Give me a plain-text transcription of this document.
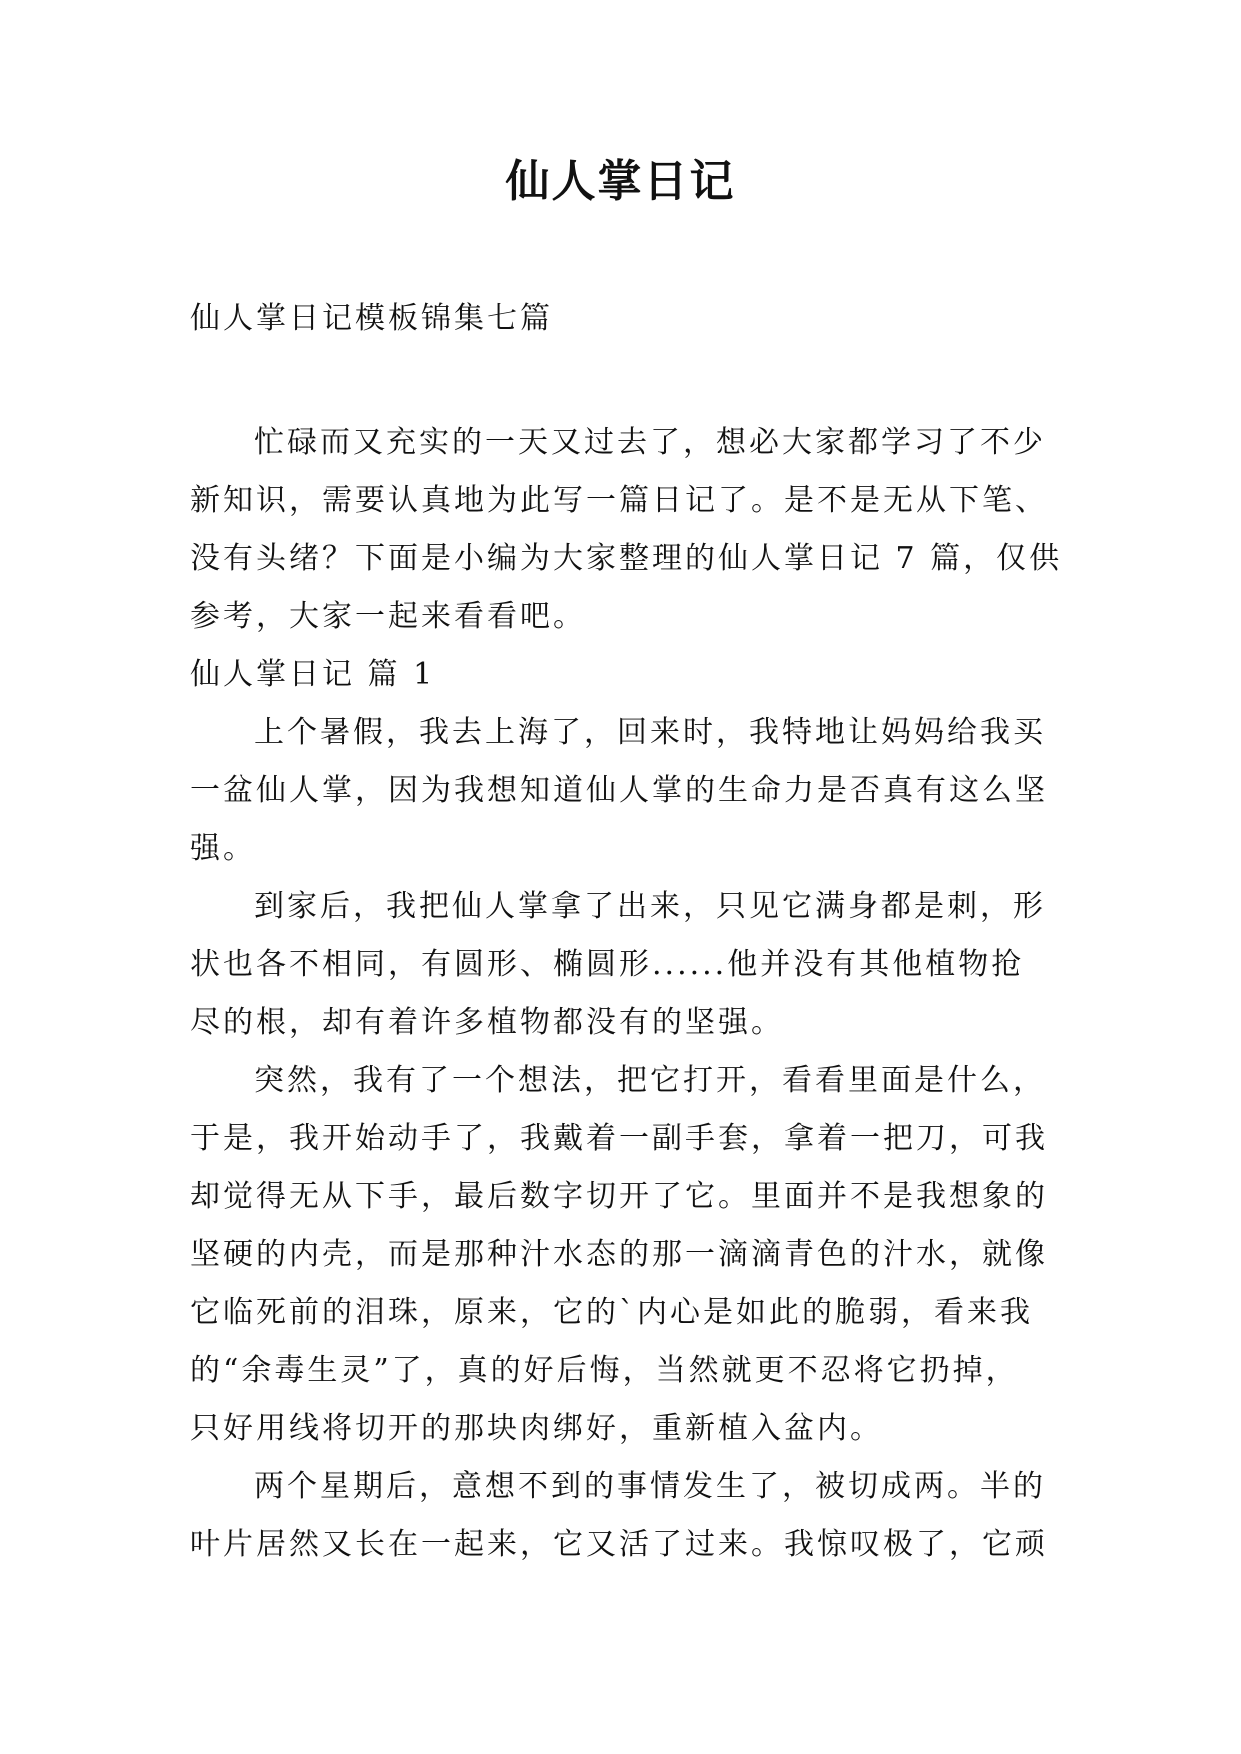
仙人掌日记
仙人掌日记模板锦集七篇
忙碌而又充实的一天又过去了，想必大家都学习了不少
新知识，需要认真地为此写一篇日记了。是不是无从下笔、
没有头绪？下面是小编为大家整理的仙人掌日记 7 篇，仅供
参考，大家一起来看看吧。
仙人掌日记 篇 1
上个暑假，我去上海了，回来时，我特地让妈妈给我买
一盆仙人掌，因为我想知道仙人掌的生命力是否真有这么坚
强。
到家后，我把仙人掌拿了出来，只见它满身都是刺，形
状也各不相同，有圆形、椭圆形......他并没有其他植物抢
尽的根，却有着许多植物都没有的坚强。
突然，我有了一个想法，把它打开，看看里面是什么，
于是，我开始动手了，我戴着一副手套，拿着一把刀，可我
却觉得无从下手，最后数字切开了它。里面并不是我想象的
坚硬的内壳，而是那种汁水态的那一滴滴青色的汁水，就像
它临死前的泪珠，原来，它的`内心是如此的脆弱，看来我
的“余毒生灵”了，真的好后悔，当然就更不忍将它扔掉，
只好用线将切开的那块肉绑好，重新植入盆内。
两个星期后，意想不到的事情发生了，被切成两。半的
叶片居然又长在一起来，它又活了过来。我惊叹极了，它顽
